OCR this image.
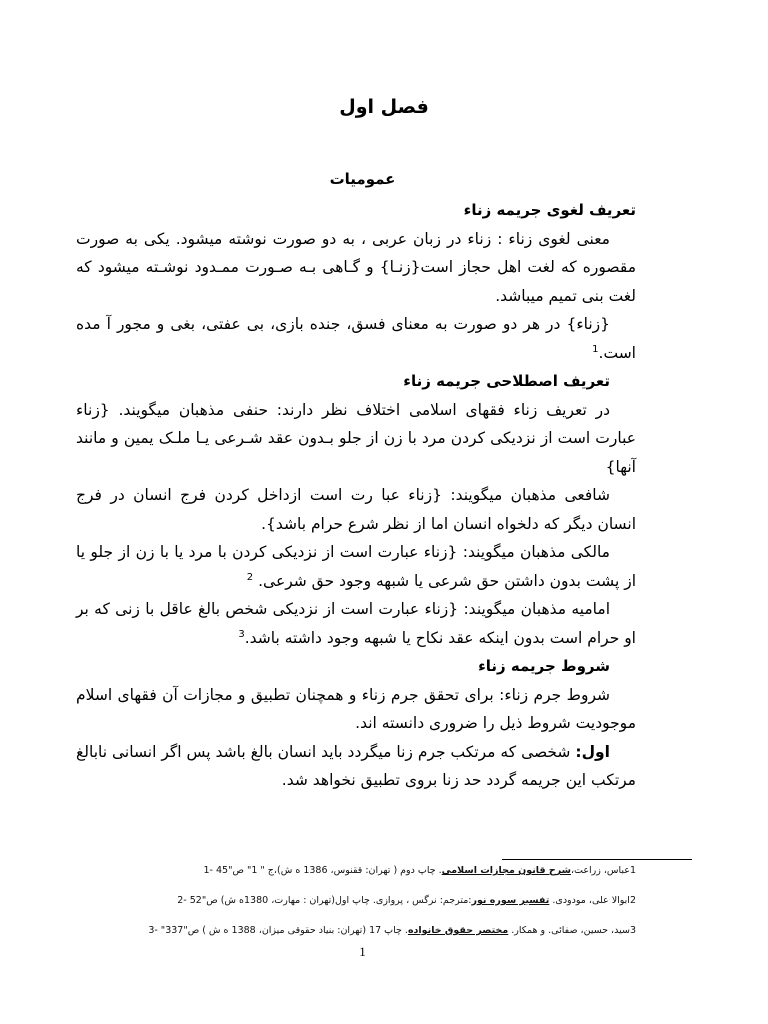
فصل اول
عمومیات

تعریف لغوی جریمه زناء

معنی لغوی زناء : زناء در زبان عربی ، به دو صورت نوشته میشود. یکی به صورت مقصوره که لغت اهل حجاز است{زنـا} و گـاهی بـه صـورت ممـدود نوشـته میشود که لغت بنی تمیم میباشد.

{زناء} در هر دو صورت به معنای فسق، جنده بازی، بی عفتی، بغی و مجور آ مده است.$^1$

تعریف اصطلاحی جریمه زناء

در تعریف زناء فقهای اسلامی اختلاف نظر دارند: حنفی مذهبان میگویند. {زناء عبارت است از نزدیکی کردن مرد با زن از جلو بـدون عقد شـرعی یـا ملـک یمین و مانند آنها}

شافعی مذهبان میگویند: {زناء عبا رت است ازداخل کردن فرج انسان در فرج انسان دیگر که دلخواه انسان اما از نظر شرع حرام باشد}.

مالکی مذهبان میگویند: {زناء عبارت است از نزدیکی کردن با مرد یا با زن از جلو یا از پشت بدون داشتن حق شرعی یا شبهه وجود حق شرعی. $^2$

امامیه مذهبان میگویند: {زناء عبارت است از نزدیکی شخص بالغ عاقل با زنی که بر او حرام است بدون اینکه عقد نکاح یا شبهه وجود داشته باشد.$^3$

شروط جریمه زناء

شروط جرم زناء: برای تحقق جرم زناء و همچنان تطبیق و مجازات آن فقهای اسلام موجودیت شروط ذیل را ضروری دانسته اند.

اول: شخصی که مرتکب جرم زنا میگردد باید انسان بالغ باشد پس اگر انسانی نابالغ مرتکب این جریمه گردد حد زنا بروی تطبیق نخواهد شد.

1عباس، زراعت،شرح قانون مجازات اسلامی. چاپ دوم ( تهران: ققنوس، 1386 ه ش)،ج " 1" ص"45 -1

2ابوالا علی، مودودی. تفسیر سوره نور:مترجم: نرگس ، پروازی. چاپ اول(تهران : مهارت، 1380ه ش) ص"52 -2

3سید، حسین، صفائی. و همکار. مختصر حقوق خانواده. چاپ 17 (تهران: بنیاد حقوقی میزان، 1388 ه ش ) ص"337" -3

1
